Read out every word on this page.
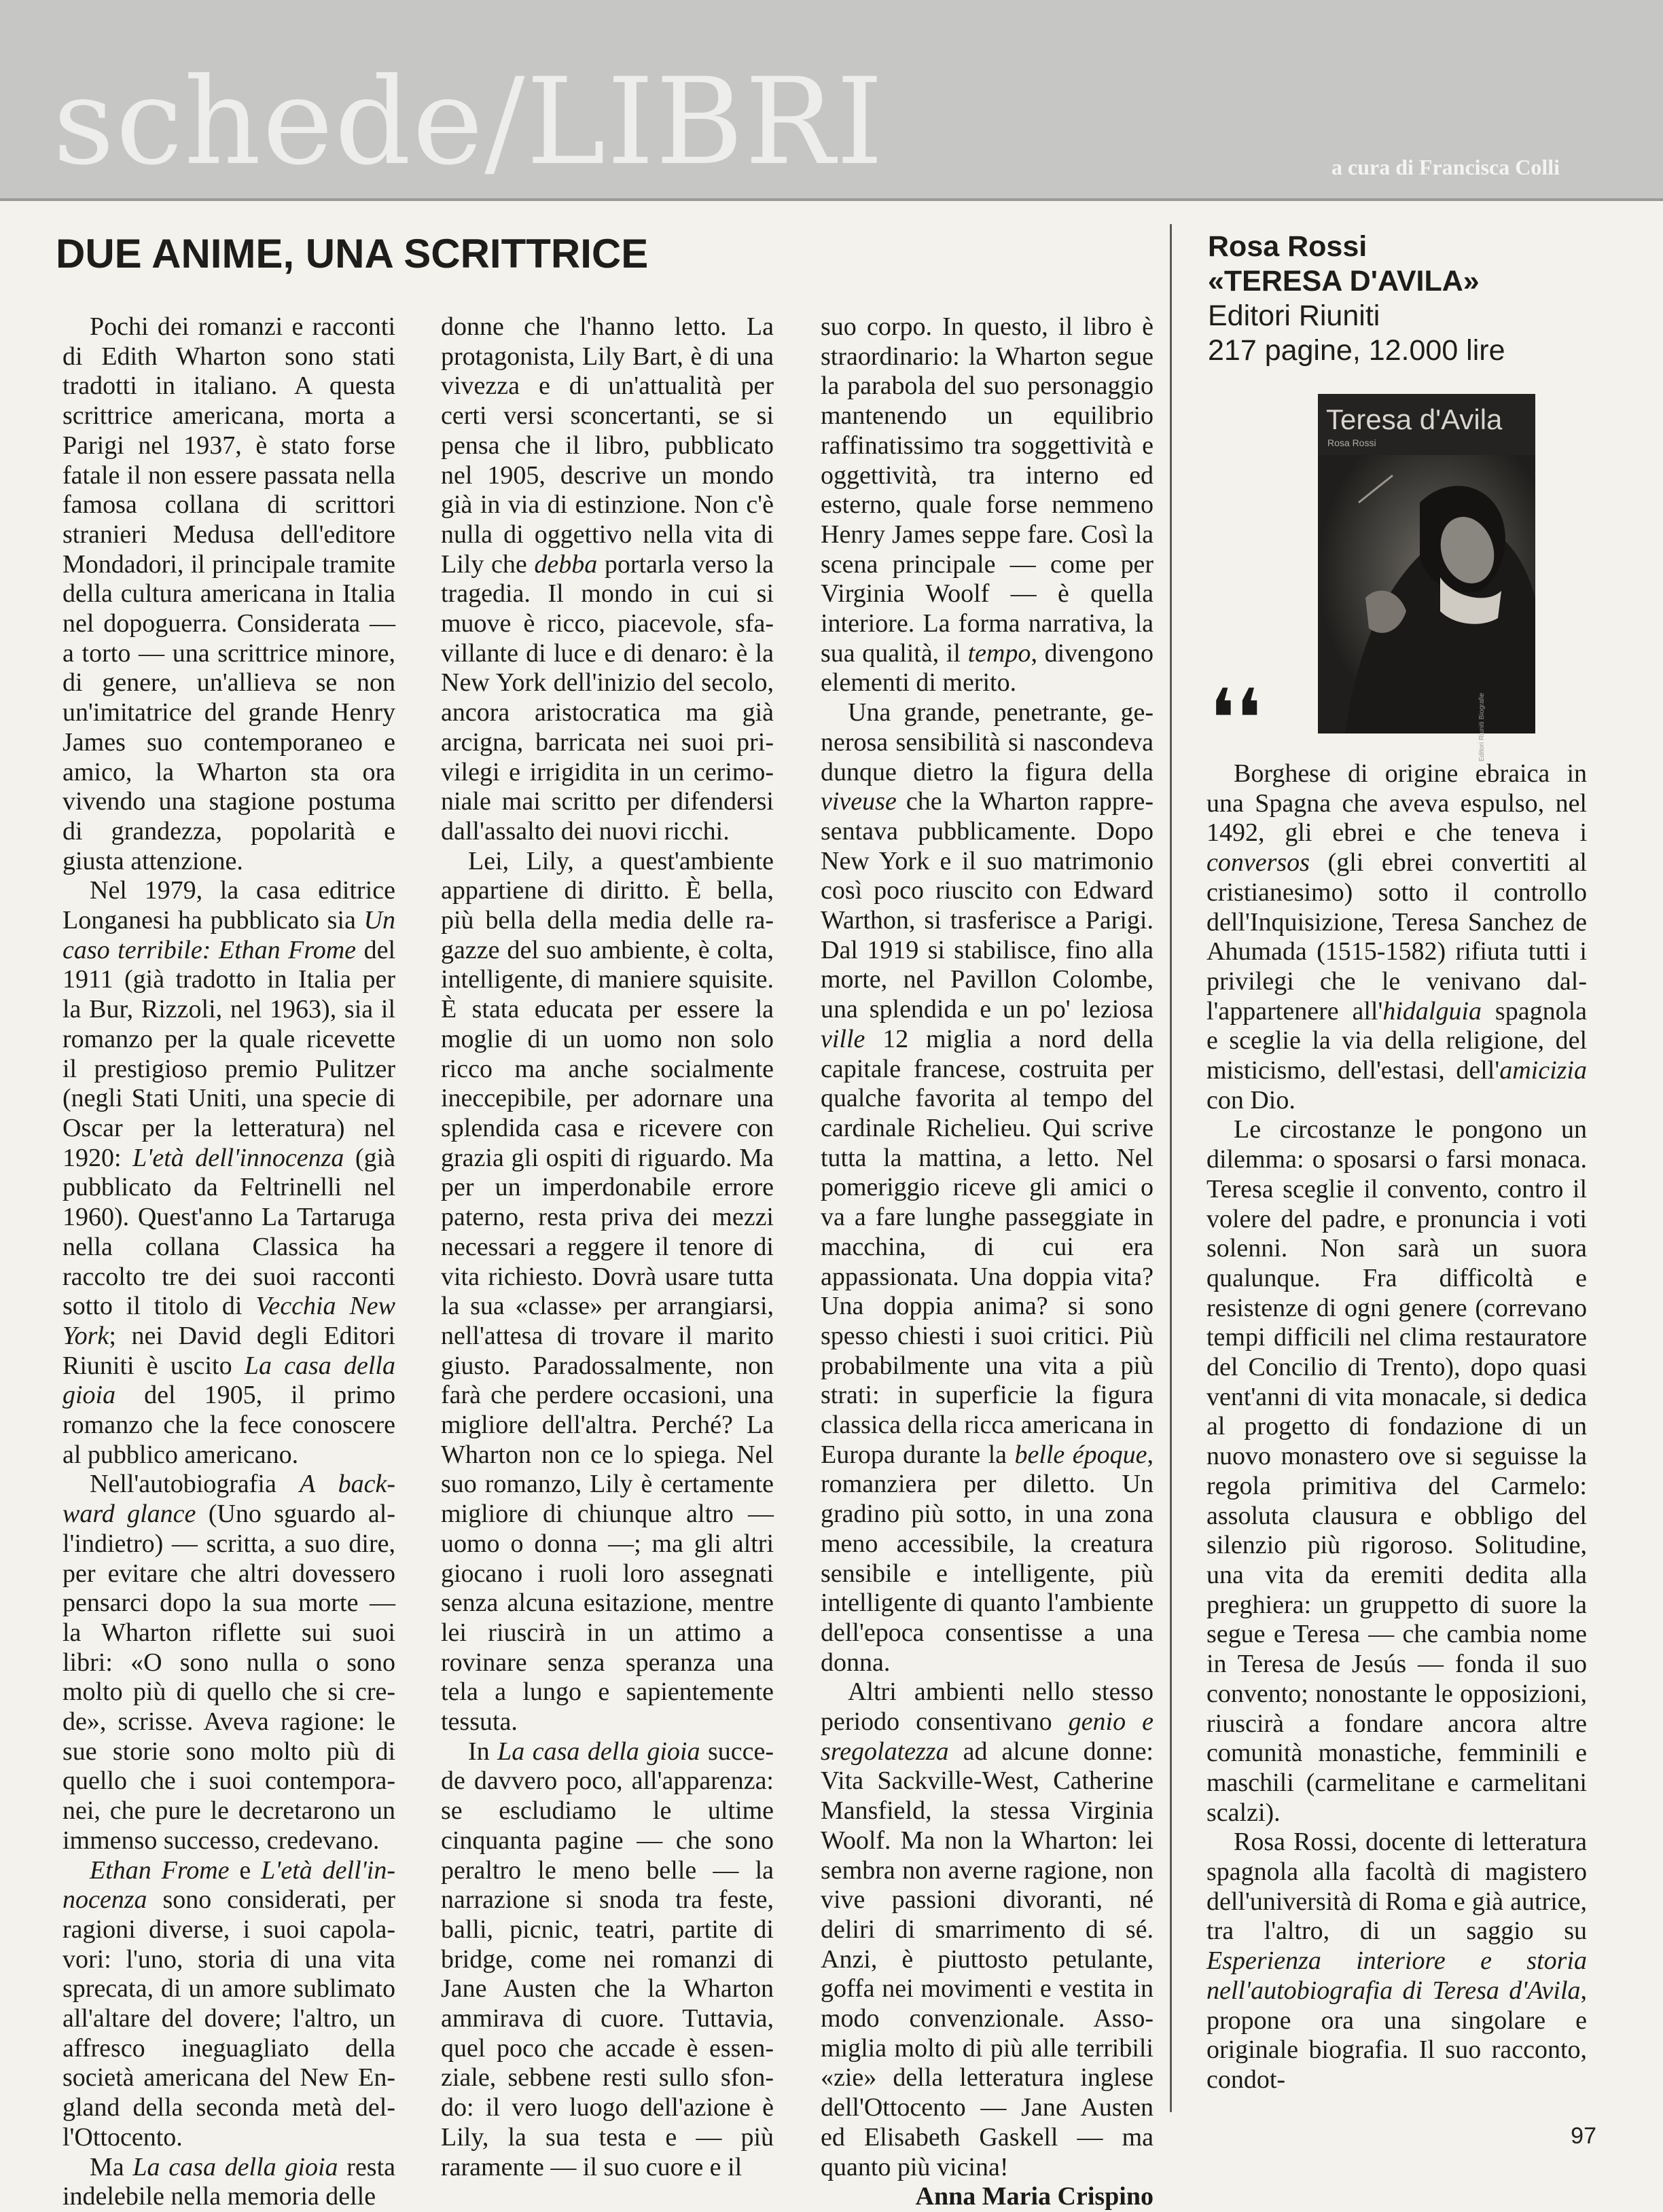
schede/LIBRI	a cura di Francisca Colli
DUE ANIME, UNA SCRITTRICE

Pochi dei romanzi e racconti di Edith Wharton sono stati tradotti in italiano. A questa scrittrice americana, morta a Parigi nel 1937, è stato forse fatale il non essere passata nella famosa collana di scrittori stranieri Medusa dell'editore Mondadori, il principale tramite della cultura americana in Italia nel dopoguerra. Considerata — a torto — una scrittrice minore, di genere, un'allieva se non un'imitatrice del grande Henry James suo contemporaneo e amico, la Wharton sta ora vivendo una stagione postuma di grandezza, popolarità e giusta attenzione.

Nel 1979, la casa editrice Longanesi ha pubblicato sia Un caso terribile: Ethan Frome del 1911 (già tradotto in Italia per la Bur, Rizzoli, nel 1963), sia il romanzo per la quale ricevette il prestigioso premio Pulitzer (negli Stati Uniti, una specie di Oscar per la letteratura) nel 1920: L'età dell'innocenza (già pubblicato da Feltrinelli nel 1960). Quest'anno La Tartaruga nella collana Classica ha raccolto tre dei suoi racconti sotto il titolo di Vecchia New York; nei David degli Editori Riuniti è uscito La casa della gioia del 1905, il primo romanzo che la fece conoscere al pubblico americano.

Nell'autobiografia A backward glance (Uno sguardo all'indietro) — scritta, a suo dire, per evitare che altri dovessero pensarci dopo la sua morte — la Wharton riflette sui suoi libri: «O sono nulla o sono molto più di quello che si crede», scrisse. Aveva ragione: le sue storie sono molto più di quello che i suoi contemporanei, che pure le decretarono un immenso successo, credevano.

Ethan Frome e L'età dell'innocenza sono considerati, per ragioni diverse, i suoi capolavori: l'uno, storia di una vita sprecata, di un amore sublimato all'altare del dovere; l'altro, un affresco ineguagliato della società americana del New England della seconda metà dell'Ottocento.

Ma La casa della gioia resta indelebile nella memoria delle

donne che l'hanno letto. La protagonista, Lily Bart, è di una vivezza e di un'attualità per certi versi sconcertanti, se si pensa che il libro, pubblicato nel 1905, descrive un mondo già in via di estinzione. Non c'è nulla di oggettivo nella vita di Lily che debba portarla verso la tragedia. Il mondo in cui si muove è ricco, piacevole, sfavillante di luce e di denaro: è la New York dell'inizio del secolo, ancora aristocratica ma già arcigna, barricata nei suoi privilegi e irrigidita in un cerimoniale mai scritto per difendersi dall'assalto dei nuovi ricchi.

Lei, Lily, a quest'ambiente appartiene di diritto. È bella, più bella della media delle ragazze del suo ambiente, è colta, intelligente, di maniere squisite. È stata educata per essere la moglie di un uomo non solo ricco ma anche socialmente ineccepibile, per adornare una splendida casa e ricevere con grazia gli ospiti di riguardo. Ma per un imperdonabile errore paterno, resta priva dei mezzi necessari a reggere il tenore di vita richiesto. Dovrà usare tutta la sua «classe» per arrangiarsi, nell'attesa di trovare il marito giusto. Paradossalmente, non farà che perdere occasioni, una migliore dell'altra. Perché? La Wharton non ce lo spiega. Nel suo romanzo, Lily è certamente migliore di chiunque altro — uomo o donna —; ma gli altri giocano i ruoli loro assegnati senza alcuna esitazione, mentre lei riuscirà in un attimo a rovinare senza speranza una tela a lungo e sapientemente tessuta.

In La casa della gioia succede davvero poco, all'apparenza: se escludiamo le ultime cinquanta pagine — che sono peraltro le meno belle — la narrazione si snoda tra feste, balli, picnic, teatri, partite di bridge, come nei romanzi di Jane Austen che la Wharton ammirava di cuore. Tuttavia, quel poco che accade è essenziale, sebbene resti sullo sfondo: il vero luogo dell'azione è Lily, la sua testa e — più raramente — il suo cuore e il

suo corpo. In questo, il libro è straordinario: la Wharton segue la parabola del suo personaggio mantenendo un equilibrio raffinatissimo tra soggettività e oggettività, tra interno ed esterno, quale forse nemmeno Henry James seppe fare. Così la scena principale — come per Virginia Woolf — è quella interiore. La forma narrativa, la sua qualità, il tempo, divengono elementi di merito.

Una grande, penetrante, generosa sensibilità si nascondeva dunque dietro la figura della viveuse che la Wharton rappresentava pubblicamente. Dopo New York e il suo matrimonio così poco riuscito con Edward Warthon, si trasferisce a Parigi. Dal 1919 si stabilisce, fino alla morte, nel Pavillon Colombe, una splendida e un po' leziosa ville 12 miglia a nord della capitale francese, costruita per qualche favorita al tempo del cardinale Richelieu. Qui scrive tutta la mattina, a letto. Nel pomeriggio riceve gli amici o va a fare lunghe passeggiate in macchina, di cui era appassionata. Una doppia vita? Una doppia anima? si sono spesso chiesti i suoi critici. Più probabilmente una vita a più strati: in superficie la figura classica della ricca americana in Europa durante la belle époque, romanziera per diletto. Un gradino più sotto, in una zona meno accessibile, la creatura sensibile e intelligente, più intelligente di quanto l'ambiente dell'epoca consentisse a una donna.

Altri ambienti nello stesso periodo consentivano genio e sregolatezza ad alcune donne: Vita Sackville-West, Catherine Mansfield, la stessa Virginia Woolf. Ma non la Wharton: lei sembra non averne ragione, non vive passioni divoranti, né deliri di smarrimento di sé. Anzi, è piuttosto petulante, goffa nei movimenti e vestita in modo convenzionale. Assomiglia molto di più alle terribili «zie» della letteratura inglese dell'Ottocento — Jane Austen ed Elisabeth Gaskell — ma quanto più vicina!

Anna Maria Crispino

Rosa Rossi
«TERESA D'AVILA»
Editori Riuniti
217 pagine, 12.000 lire
Teresa d'Avila
Rosa Rossi
Editori Riuniti Biografie
❛❛

Borghese di origine ebraica in una Spagna che aveva espulso, nel 1492, gli ebrei e che teneva i conversos (gli ebrei convertiti al cristianesimo) sotto il controllo dell'Inquisizione, Teresa Sanchez de Ahumada (1515-1582) rifiuta tutti i privilegi che le venivano dall'appartenere all'hidalguia spagnola e sceglie la via della religione, del misticismo, dell'estasi, dell'amicizia con Dio.

Le circostanze le pongono un dilemma: o sposarsi o farsi monaca. Teresa sceglie il convento, contro il volere del padre, e pronuncia i voti solenni. Non sarà un suora qualunque. Fra difficoltà e resistenze di ogni genere (correvano tempi difficili nel clima restauratore del Concilio di Trento), dopo quasi vent'anni di vita monacale, si dedica al progetto di fondazione di un nuovo monastero ove si seguisse la regola primitiva del Carmelo: assoluta clausura e obbligo del silenzio più rigoroso. Solitudine, una vita da eremiti dedita alla preghiera: un gruppetto di suore la segue e Teresa — che cambia nome in Teresa de Jesús — fonda il suo convento; nonostante le opposizioni, riuscirà a fondare ancora altre comunità monastiche, femminili e maschili (carmelitane e carmelitani scalzi).

Rosa Rossi, docente di letteratura spagnola alla facoltà di magistero dell'università di Roma e già autrice, tra l'altro, di un saggio su Esperienza interiore e storia nell'autobiografia di Teresa d'Avila, propone ora una singolare e originale biografia. Il suo racconto, condot-

97
